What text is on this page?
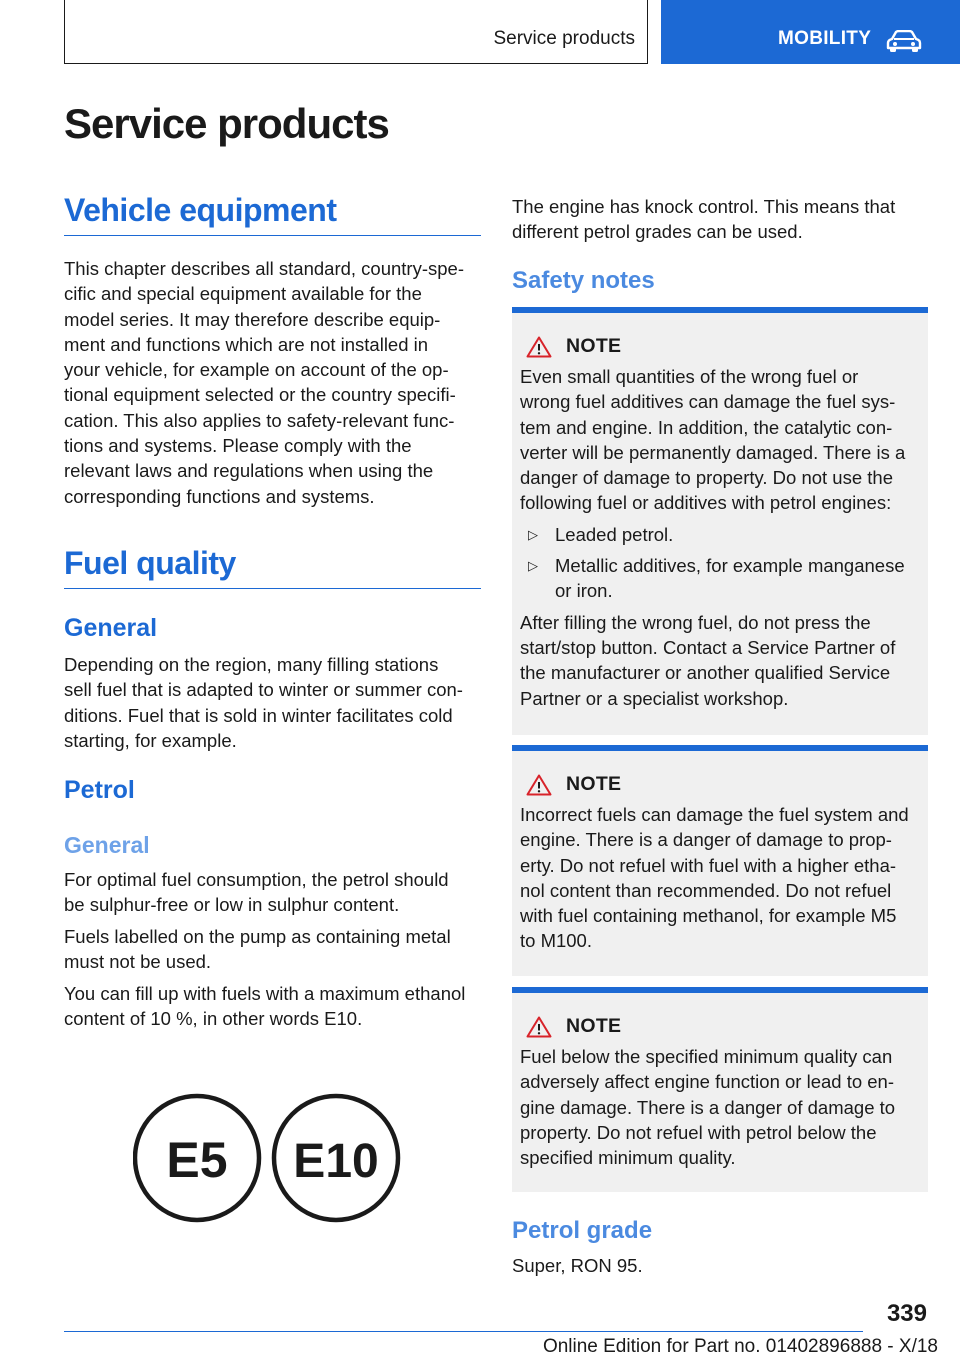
Service products	MOBILITY
Service products
Vehicle equipment
This chapter describes all standard, country-spe-
cific and special equipment available for the
model series. It may therefore describe equip-
ment and functions which are not installed in
your vehicle, for example on account of the op-
tional equipment selected or the country specifi-
cation. This also applies to safety-relevant func-
tions and systems. Please comply with the
relevant laws and regulations when using the
corresponding functions and systems.
Fuel quality
General
Depending on the region, many filling stations
sell fuel that is adapted to winter or summer con-
ditions. Fuel that is sold in winter facilitates cold
starting, for example.
Petrol
General
For optimal fuel consumption, the petrol should
be sulphur-free or low in sulphur content.
Fuels labelled on the pump as containing metal
must not be used.
You can fill up with fuels with a maximum ethanol
content of 10 %, in other words E10.
E5 E10
The engine has knock control. This means that
different petrol grades can be used.
Safety notes
NOTE

Even small quantities of the wrong fuel or
wrong fuel additives can damage the fuel sys-
tem and engine. In addition, the catalytic con-
verter will be permanently damaged. There is a
danger of damage to property. Do not use the
following fuel or additives with petrol engines:

▷ Leaded petrol.
▷ Metallic additives, for example manganese
or iron.

After filling the wrong fuel, do not press the
start/stop button. Contact a Service Partner of
the manufacturer or another qualified Service
Partner or a specialist workshop.

NOTE

Incorrect fuels can damage the fuel system and
engine. There is a danger of damage to prop-
erty. Do not refuel with fuel with a higher etha-
nol content than recommended. Do not refuel
with fuel containing methanol, for example M5
to M100.

NOTE

Fuel below the specified minimum quality can
adversely affect engine function or lead to en-
gine damage. There is a danger of damage to
property. Do not refuel with petrol below the
specified minimum quality.

Petrol grade
Super, RON 95.
339
Online Edition for Part no. 01402896888 - X/18
